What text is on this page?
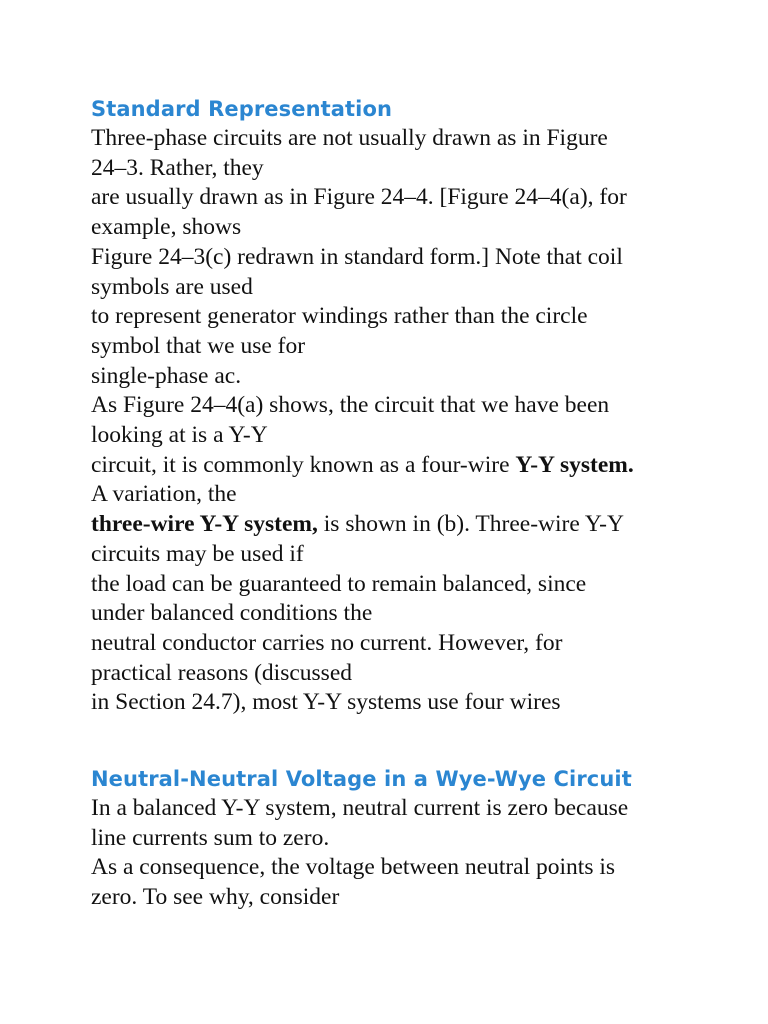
Standard Representation

Three-phase circuits are not usually drawn as in Figure

24–3. Rather, they

are usually drawn as in Figure 24–4. [Figure 24–4(a), for

example, shows

Figure 24–3(c) redrawn in standard form.] Note that coil

symbols are used

to represent generator windings rather than the circle

symbol that we use for

single-phase ac.

As Figure 24–4(a) shows, the circuit that we have been

looking at is a Y-Y

circuit, it is commonly known as a four-wire Y-Y system.

A variation, the

three-wire Y-Y system, is shown in (b). Three-wire Y-Y

circuits may be used if

the load can be guaranteed to remain balanced, since

under balanced conditions the

neutral conductor carries no current. However, for

practical reasons (discussed

in Section 24.7), most Y-Y systems use four wires

Neutral-Neutral Voltage in a Wye-Wye Circuit

In a balanced Y-Y system, neutral current is zero because

line currents sum to zero.

As a consequence, the voltage between neutral points is

zero. To see why, consider
